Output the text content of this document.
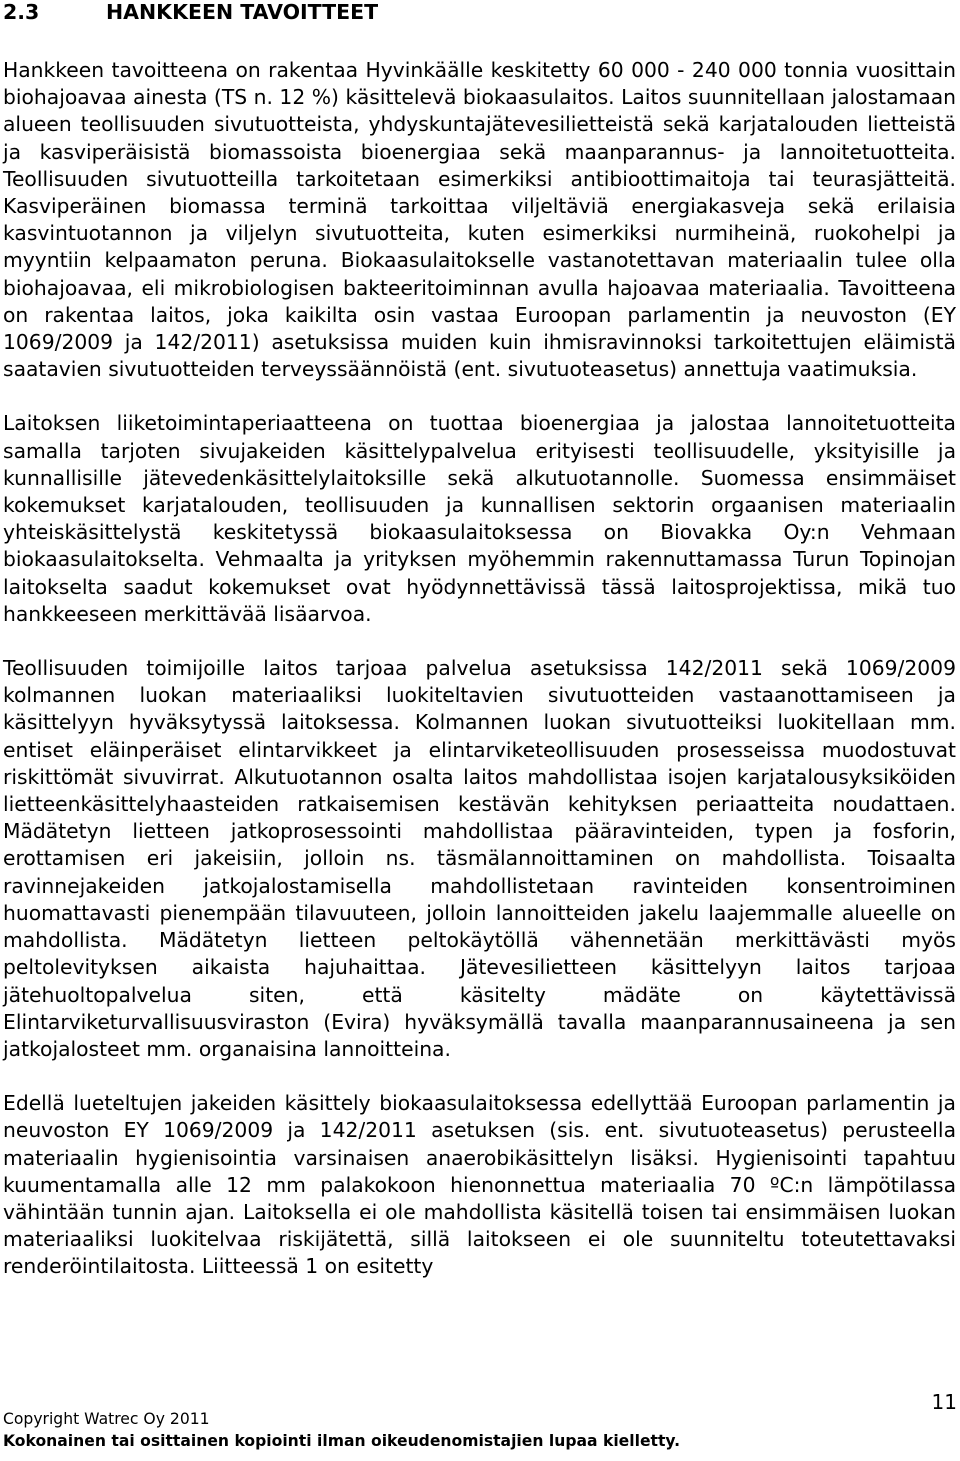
2.3	HANKKEEN TAVOITTEET

Hankkeen tavoitteena on rakentaa Hyvinkäälle keskitetty 60 000 - 240 000 tonnia vuosittain biohajoavaa ainesta (TS n. 12 %) käsittelevä biokaasulaitos. Laitos suunnitellaan jalostamaan alueen teollisuuden sivutuotteista, yhdyskuntajätevesilietteistä sekä karjatalouden lietteistä ja kasviperäisistä biomassoista bioenergiaa sekä maanparannus- ja lannoitetuotteita. Teollisuuden sivutuotteilla tarkoitetaan esimerkiksi antibioottimaitoja tai teurasjätteitä. Kasviperäinen biomassa terminä tarkoittaa viljeltäviä energiakasveja sekä erilaisia kasvintuotannon ja viljelyn sivutuotteita, kuten esimerkiksi nurmiheinä, ruokohelpi ja myyntiin kelpaamaton peruna. Biokaasulaitokselle vastanotettavan materiaalin tulee olla biohajoavaa, eli mikrobiologisen bakteeritoiminnan avulla hajoavaa materiaalia. Tavoitteena on rakentaa laitos, joka kaikilta osin vastaa Euroopan parlamentin ja neuvoston (EY 1069/2009 ja 142/2011) asetuksissa muiden kuin ihmisravinnoksi tarkoitettujen eläimistä saatavien sivutuotteiden terveyssäännöistä (ent. sivutuoteasetus) annettuja vaatimuksia.

Laitoksen liiketoimintaperiaatteena on tuottaa bioenergiaa ja jalostaa lannoitetuotteita samalla tarjoten sivujakeiden käsittelypalvelua erityisesti teollisuudelle, yksityisille ja kunnallisille jätevedenkäsittelylaitoksille sekä alkutuotannolle. Suomessa ensimmäiset kokemukset karjatalouden, teollisuuden ja kunnallisen sektorin orgaanisen materiaalin yhteiskäsittelystä keskitetyssä biokaasulaitoksessa on Biovakka Oy:n Vehmaan biokaasulaitokselta. Vehmaalta ja yrityksen myöhemmin rakennuttamassa Turun Topinojan laitokselta saadut kokemukset ovat hyödynnettävissä tässä laitosprojektissa, mikä tuo hankkeeseen merkittävää lisäarvoa.

Teollisuuden toimijoille laitos tarjoaa palvelua asetuksissa 142/2011 sekä 1069/2009 kolmannen luokan materiaaliksi luokiteltavien sivutuotteiden vastaanottamiseen ja käsittelyyn hyväksytyssä laitoksessa. Kolmannen luokan sivutuotteiksi luokitellaan mm. entiset eläinperäiset elintarvikkeet ja elintarviketeollisuuden prosesseissa muodostuvat riskittömät sivuvirrat. Alkutuotannon osalta laitos mahdollistaa isojen karjatalousyksiköiden lietteenkäsittelyhaasteiden ratkaisemisen kestävän kehityksen periaatteita noudattaen. Mädätetyn lietteen jatkoprosessointi mahdollistaa pääravinteiden, typen ja fosforin, erottamisen eri jakeisiin, jolloin ns. täsmälannoittaminen on mahdollista. Toisaalta ravinnejakeiden jatkojalostamisella mahdollistetaan ravinteiden konsentroiminen huomattavasti pienempään tilavuuteen, jolloin lannoitteiden jakelu laajemmalle alueelle on mahdollista. Mädätetyn lietteen peltokäytöllä vähennetään merkittävästi myös peltolevityksen aikaista hajuhaittaa. Jätevesilietteen käsittelyyn laitos tarjoaa jätehuoltopalvelua siten, että käsitelty mädäte on käytettävissä Elintarviketurvallisuusviraston (Evira) hyväksymällä tavalla maanparannusaineena ja sen jatkojalosteet mm. organaisina lannoitteina.

Edellä lueteltujen jakeiden käsittely biokaasulaitoksessa edellyttää Euroopan parlamentin ja neuvoston EY 1069/2009 ja 142/2011 asetuksen (sis. ent. sivutuoteasetus) perusteella materiaalin hygienisointia varsinaisen anaerobikäsittelyn lisäksi. Hygienisointi tapahtuu kuumentamalla alle 12 mm palakokoon hienonnettua materiaalia 70 ºC:n lämpötilassa vähintään tunnin ajan. Laitoksella ei ole mahdollista käsitellä toisen tai ensimmäisen luokan materiaaliksi luokitelvaa riskijätettä, sillä laitokseen ei ole suunniteltu toteutettavaksi renderöintilaitosta. Liitteessä 1 on esitetty

11
Copyright Watrec Oy 2011
Kokonainen tai osittainen kopiointi ilman oikeudenomistajien lupaa kielletty.
